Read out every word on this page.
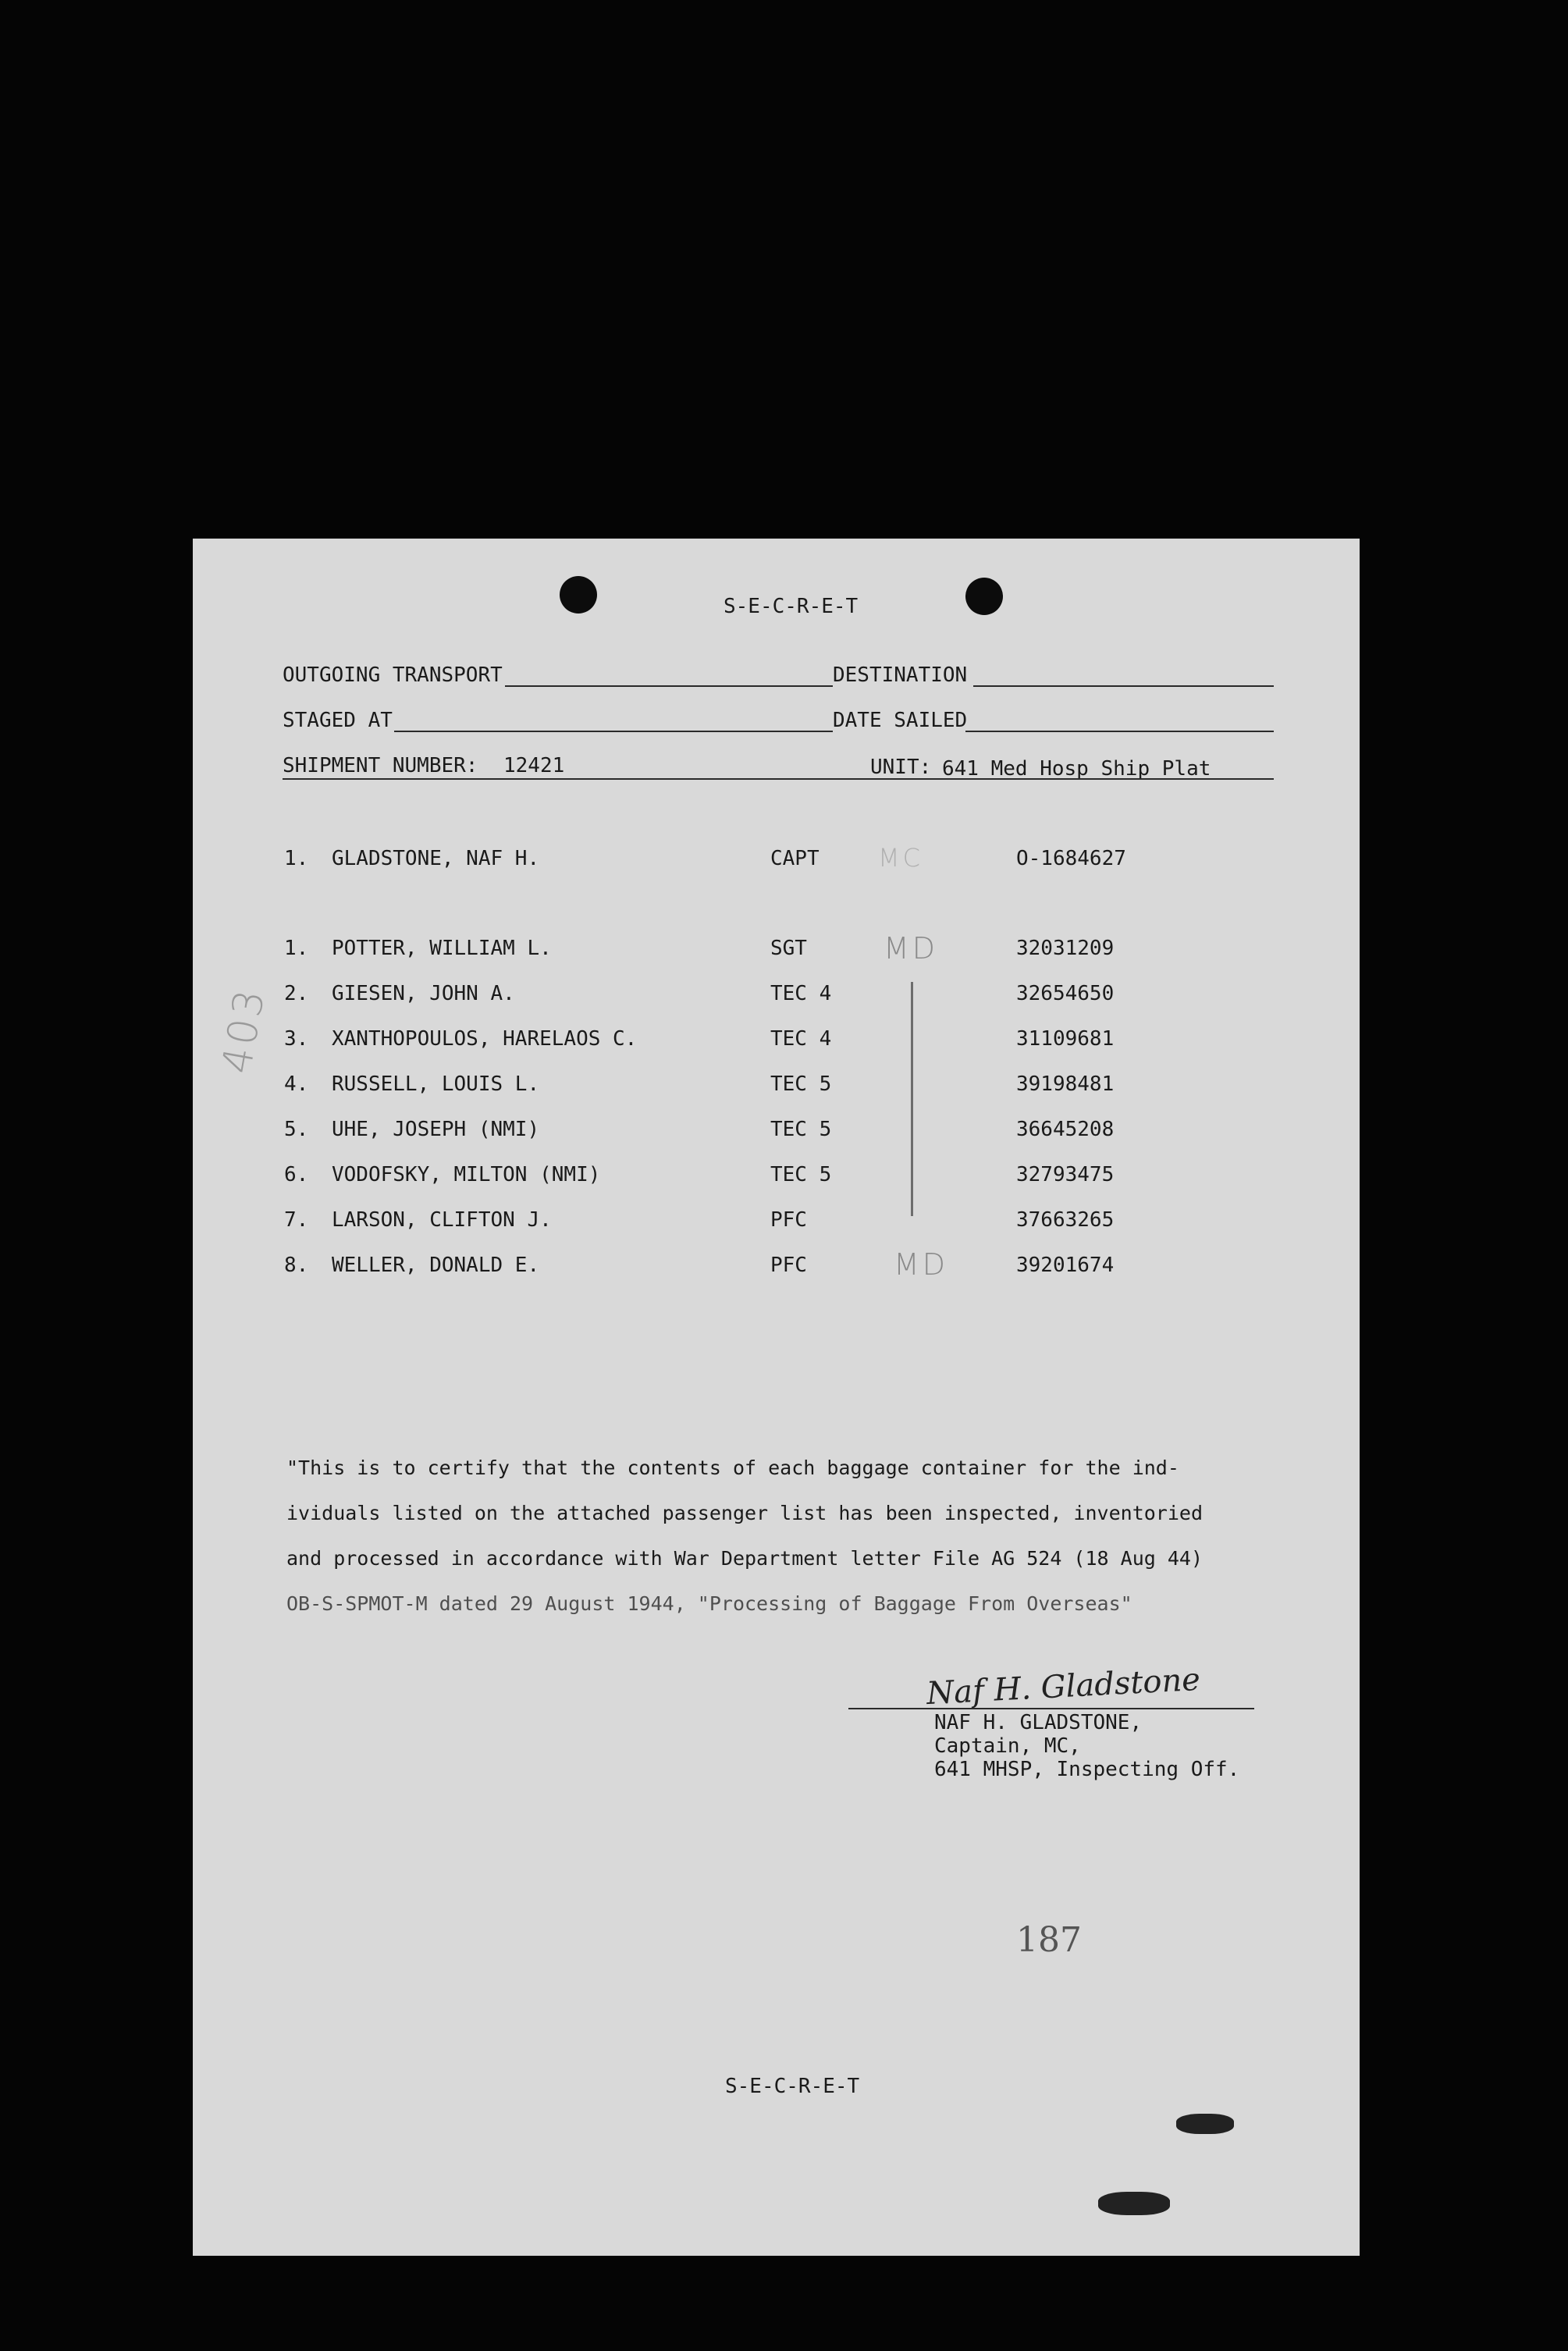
S-E-C-R-E-T
OUTGOING TRANSPORT	DESTINATION
STAGED AT	DATE SAILED
SHIPMENT NUMBER: 12421	UNIT: 641 Med Hosp Ship Plat
1. GLADSTONE, NAF H.	CAPT MC	O-1684627
1. POTTER, WILLIAM L.	SGT	32031209
2. GIESEN, JOHN A.	TEC 4	32654650
3. XANTHOPOULOS, HARELAOS C.	TEC 4	31109681
4. RUSSELL, LOUIS L.	TEC 5	39198481
5. UHE, JOSEPH (NMI)	TEC 5	36645208
6. VODOFSKY, MILTON (NMI)	TEC 5	32793475
7. LARSON, CLIFTON J.	PFC	37663265
8. WELLER, DONALD E.	PFC	39201674
MD
MD
403
"This is to certify that the contents of each baggage container for the ind-
ividuals listed on the attached passenger list has been inspected, inventoried
and processed in accordance with War Department letter File AG 524 (18 Aug 44)
OB-S-SPMOT-M dated 29 August 1944, "Processing of Baggage From Overseas"
Naf H. Gladstone
NAF H. GLADSTONE,
Captain, MC,
641 MHSP, Inspecting Off.
187
S-E-C-R-E-T
